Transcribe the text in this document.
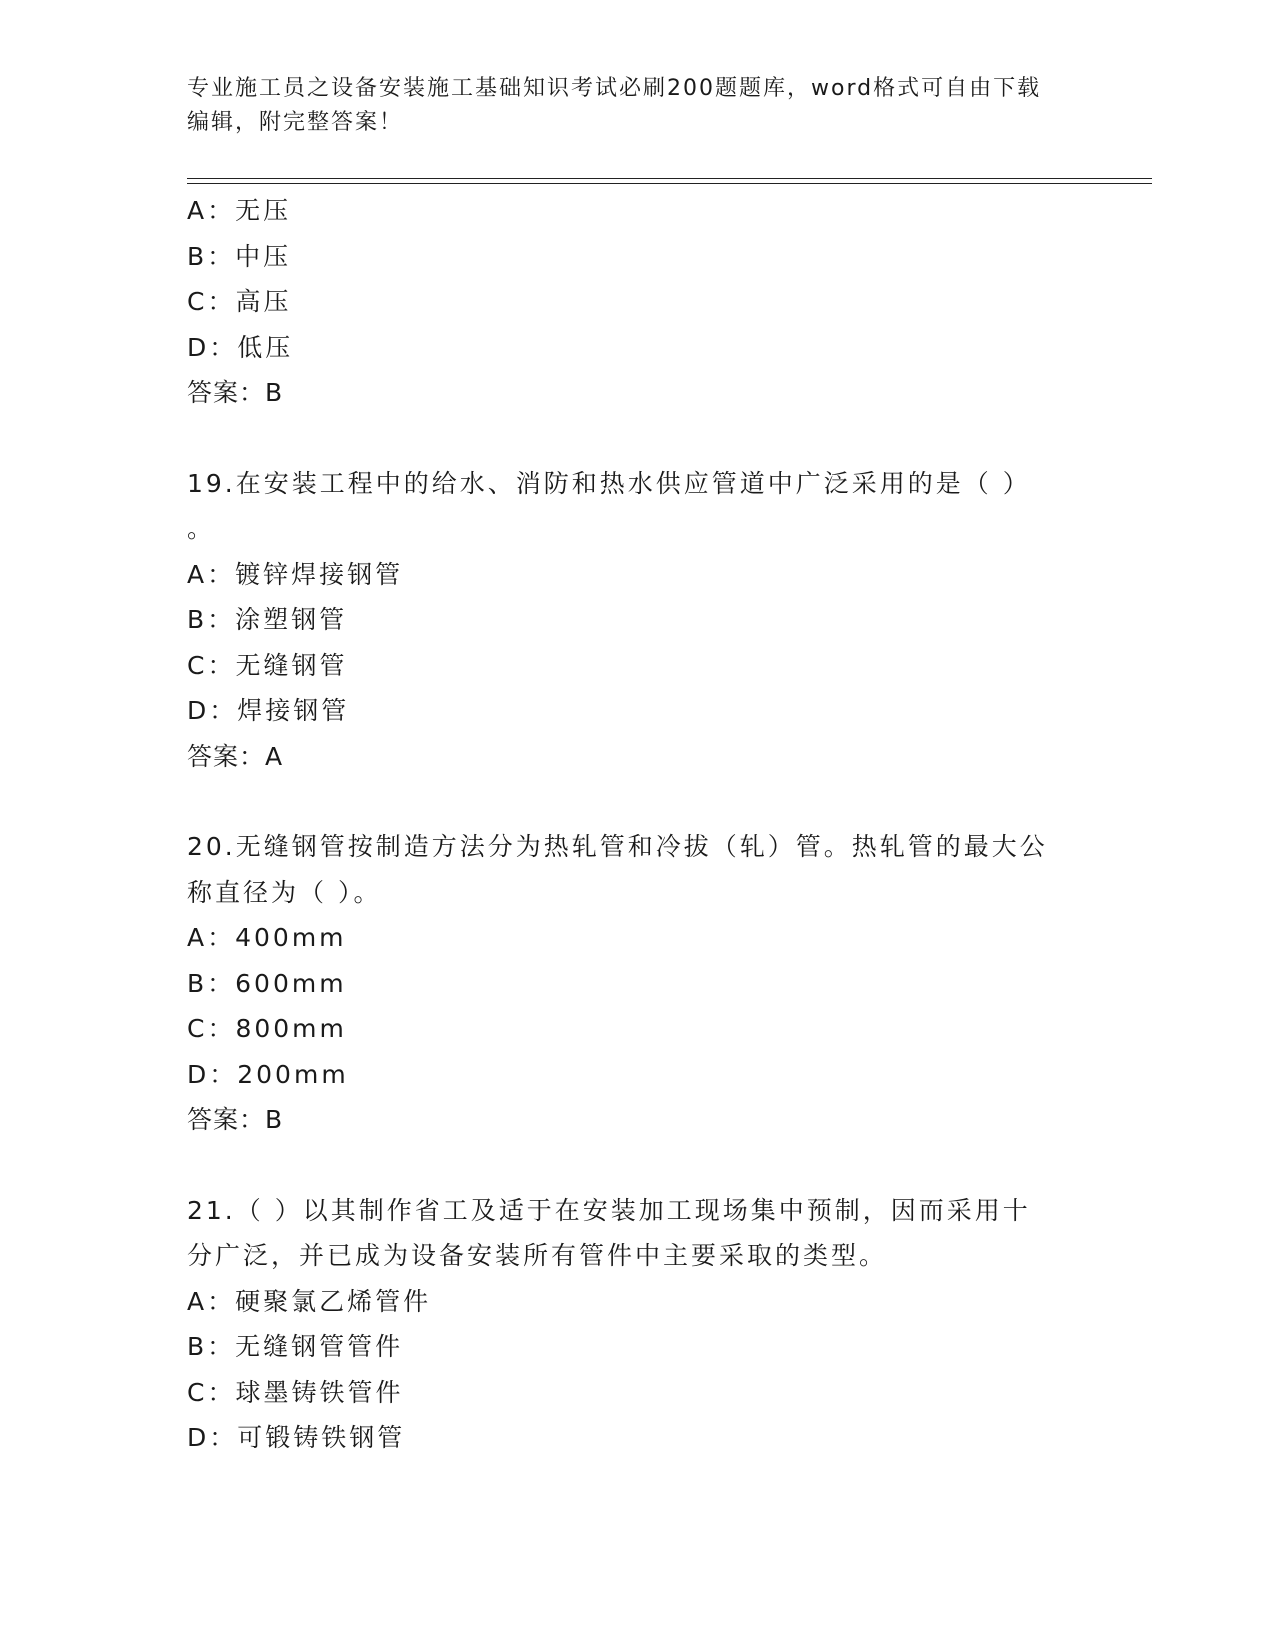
专业施工员之设备安装施工基础知识考试必刷200题题库，word格式可自由下载
编辑，附完整答案！
A：无压
B：中压
C：高压
D：低压
答案：B
19.在安装工程中的给水、消防和热水供应管道中广泛采用的是（ ）
。
A：镀锌焊接钢管
B：涂塑钢管
C：无缝钢管
D：焊接钢管
答案：A
20.无缝钢管按制造方法分为热轧管和冷拔（轧）管。热轧管的最大公
称直径为（ ）。
A：400mm
B：600mm
C：800mm
D：200mm
答案：B
21.（ ）以其制作省工及适于在安装加工现场集中预制，因而采用十
分广泛，并已成为设备安装所有管件中主要采取的类型。
A：硬聚氯乙烯管件
B：无缝钢管管件
C：球墨铸铁管件
D：可锻铸铁钢管
